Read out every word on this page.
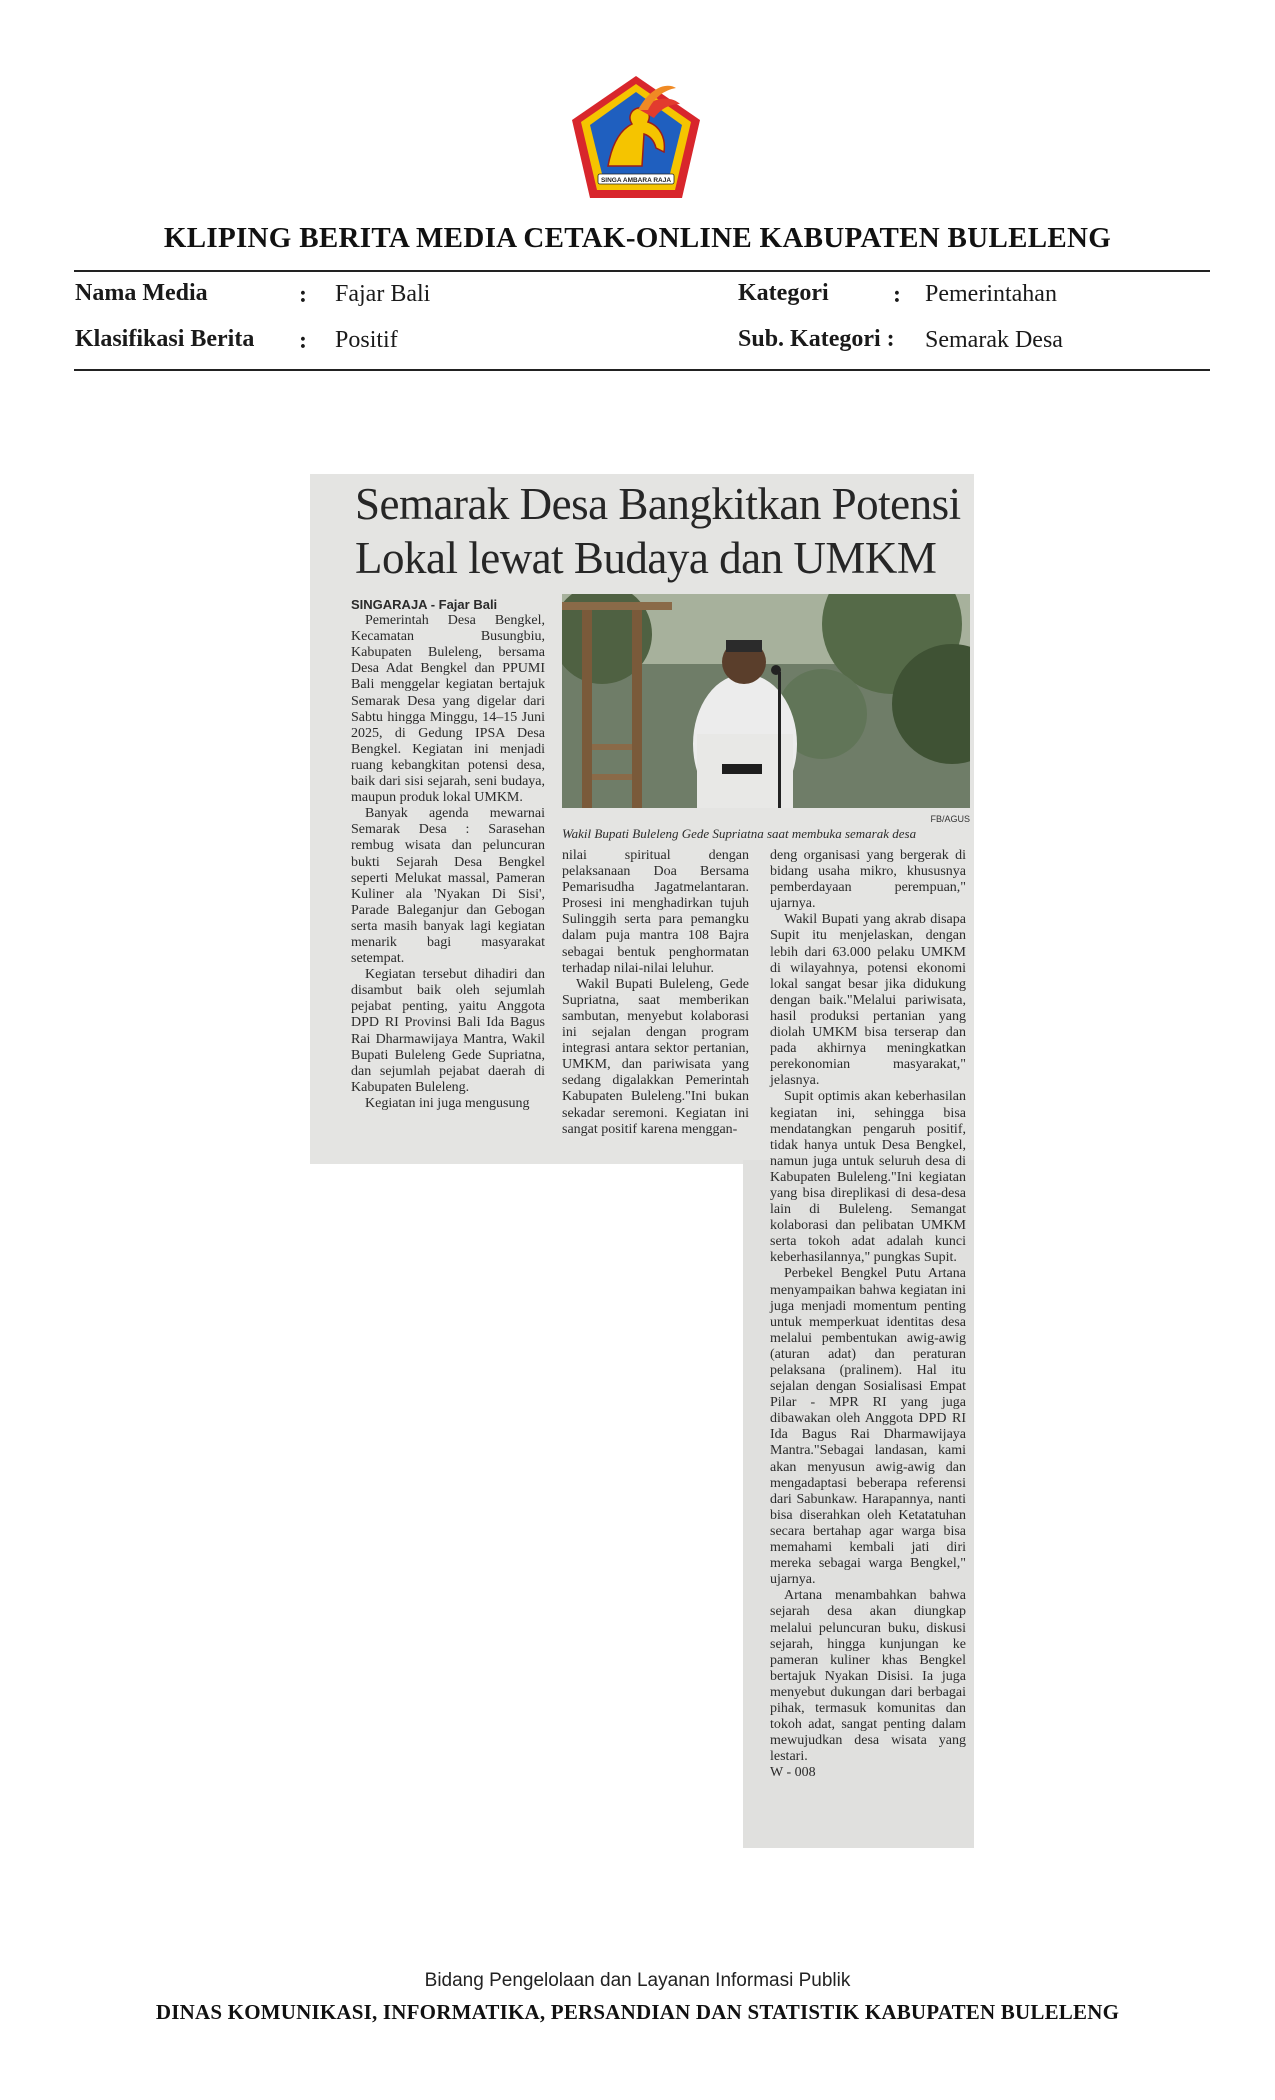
SINGA AMBARA RAJA
KLIPING BERITA MEDIA CETAK-ONLINE KABUPATEN BULELENG
Nama Media	: Fajar Bali
Klasifikasi Berita : Positif
Kategori	: Pemerintahan
Sub. Kategori : Semarak Desa
Semarak Desa Bangkitkan Potensi
Lokal lewat Budaya dan UMKM
FB/AGUS
Wakil Bupati Buleleng Gede Supriatna saat membuka semarak desa

SINGARAJA - Fajar Bali

Pemerintah Desa Bengkel, Kecamatan Busungbiu, Kabupaten Buleleng, bersama Desa Adat Bengkel dan PPUMI Bali menggelar kegiatan bertajuk Semarak Desa yang digelar dari Sabtu hingga Minggu, 14–15 Juni 2025, di Gedung IPSA Desa Bengkel. Kegiatan ini menjadi ruang kebangkitan potensi desa, baik dari sisi sejarah, seni budaya, maupun produk lokal UMKM.

Banyak agenda mewarnai Semarak Desa : Sarasehan rembug wisata dan peluncuran bukti Sejarah Desa Bengkel seperti Melukat massal, Pameran Kuliner ala 'Nyakan Di Sisi', Parade Baleganjur dan Gebogan serta masih banyak lagi kegiatan menarik bagi masyarakat setempat.

Kegiatan tersebut dihadiri dan disambut baik oleh sejumlah pejabat penting, yaitu Anggota DPD RI Provinsi Bali Ida Bagus Rai Dharmawijaya Mantra, Wakil Bupati Buleleng Gede Supriatna, dan sejumlah pejabat daerah di Kabupaten Buleleng.

Kegiatan ini juga mengusung

nilai spiritual dengan pelaksanaan Doa Bersama Pemarisudha Jagatmelantaran. Prosesi ini menghadirkan tujuh Sulinggih serta para pemangku dalam puja mantra 108 Bajra sebagai bentuk penghormatan terhadap nilai-nilai leluhur.

Wakil Bupati Buleleng, Gede Supriatna, saat memberikan sambutan, menyebut kolaborasi ini sejalan dengan program integrasi antara sektor pertanian, UMKM, dan pariwisata yang sedang digalakkan Pemerintah Kabupaten Buleleng."Ini bukan sekadar seremoni. Kegiatan ini sangat positif karena menggan-

deng organisasi yang bergerak di bidang usaha mikro, khususnya pemberdayaan perempuan," ujarnya.

Wakil Bupati yang akrab disapa Supit itu menjelaskan, dengan lebih dari 63.000 pelaku UMKM di wilayahnya, potensi ekonomi lokal sangat besar jika didukung dengan baik."Melalui pariwisata, hasil produksi pertanian yang diolah UMKM bisa terserap dan pada akhirnya meningkatkan perekonomian masyarakat," jelasnya.

Supit optimis akan keberhasilan kegiatan ini, sehingga bisa mendatangkan pengaruh positif, tidak hanya untuk Desa Bengkel, namun juga untuk seluruh desa di Kabupaten Buleleng."Ini kegiatan yang bisa direplikasi di desa-desa lain di Buleleng. Semangat kolaborasi dan pelibatan UMKM serta tokoh adat adalah kunci keberhasilannya," pungkas Supit.

Perbekel Bengkel Putu Artana menyampaikan bahwa kegiatan ini juga menjadi momentum penting untuk memperkuat identitas desa melalui pembentukan awig-awig (aturan adat) dan peraturan pelaksana (pralinem). Hal itu sejalan dengan Sosialisasi Empat Pilar - MPR RI yang juga dibawakan oleh Anggota DPD RI Ida Bagus Rai Dharmawijaya Mantra."Sebagai landasan, kami akan menyusun awig-awig dan mengadaptasi beberapa referensi dari Sabunkaw. Harapannya, nanti bisa diserahkan oleh Ketatatuhan secara bertahap agar warga bisa memahami kembali jati diri mereka sebagai warga Bengkel," ujarnya.

Artana menambahkan bahwa sejarah desa akan diungkap melalui peluncuran buku, diskusi sejarah, hingga kunjungan ke pameran kuliner khas Bengkel bertajuk Nyakan Disisi. Ia juga menyebut dukungan dari berbagai pihak, termasuk komunitas dan tokoh adat, sangat penting dalam mewujudkan desa wisata yang lestari.

W - 008

Bidang Pengelolaan dan Layanan Informasi Publik
DINAS KOMUNIKASI, INFORMATIKA, PERSANDIAN DAN STATISTIK KABUPATEN BULELENG
